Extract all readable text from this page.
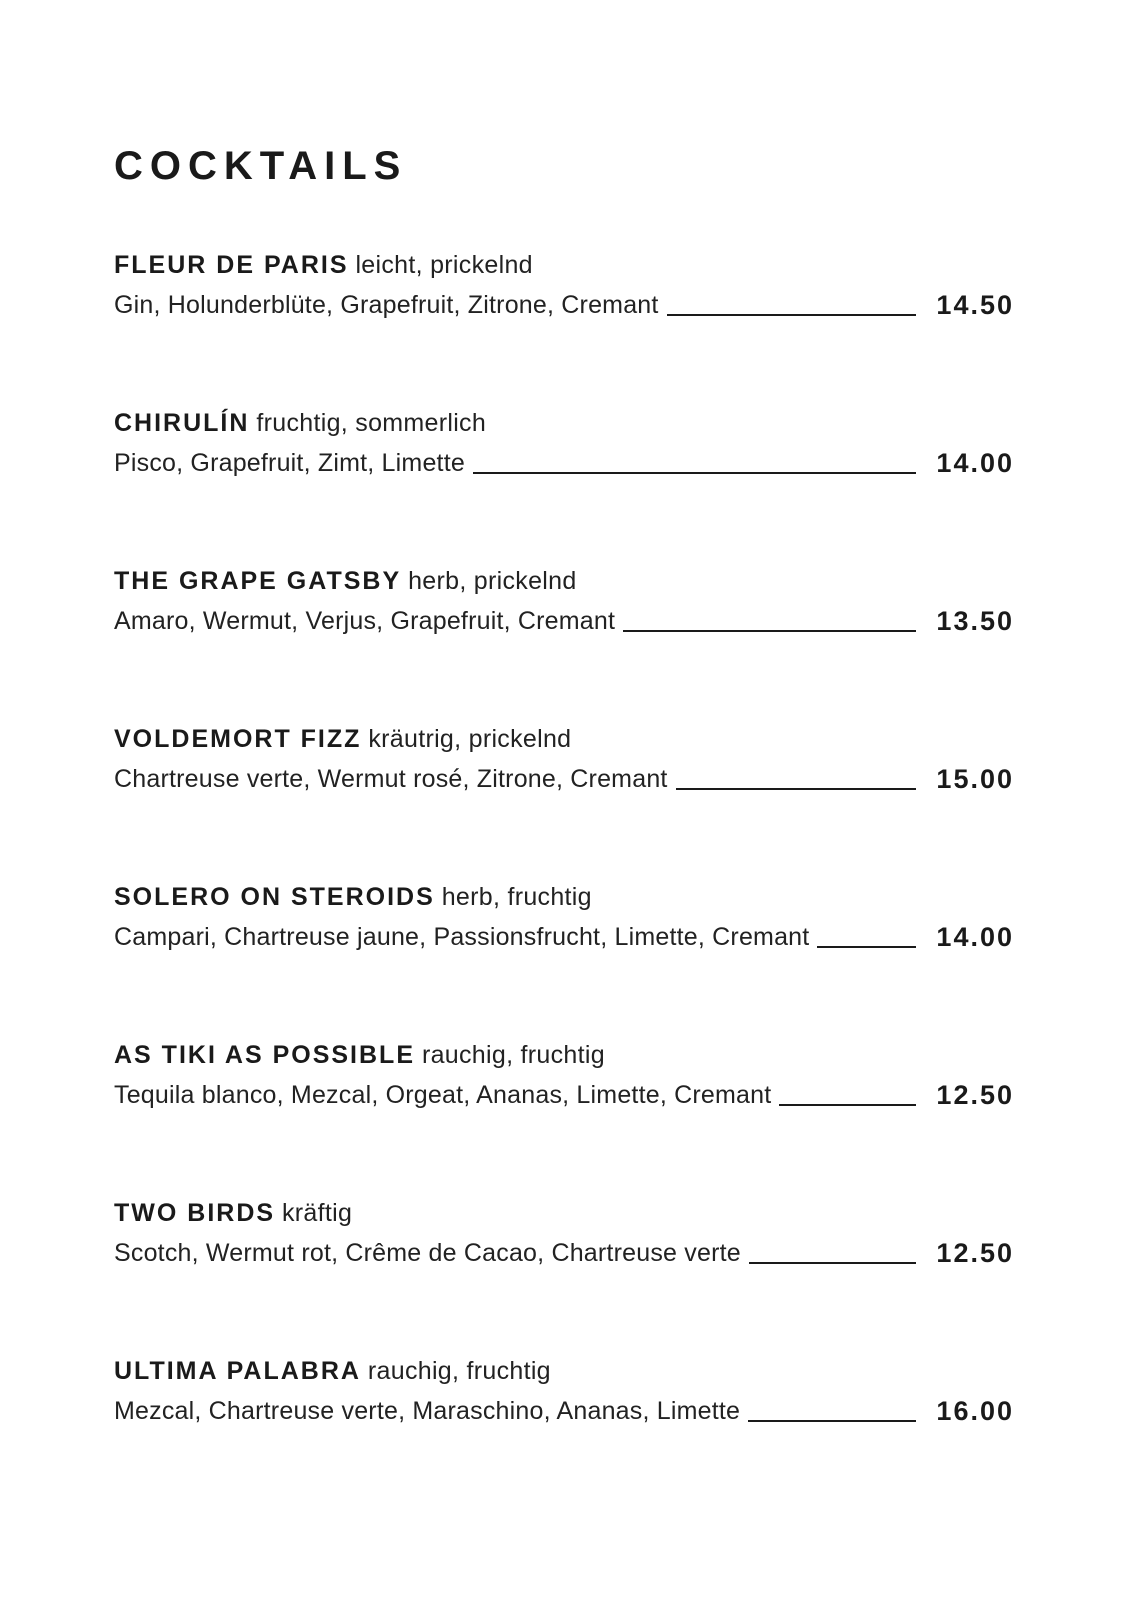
COCKTAILS
FLEUR DE PARIS leicht, prickelnd
Gin, Holunderblüte, Grapefruit, Zitrone, Cremant	14.50
CHIRULÍN fruchtig, sommerlich
Pisco, Grapefruit, Zimt, Limette	14.00
THE GRAPE GATSBY herb, prickelnd
Amaro, Wermut, Verjus, Grapefruit, Cremant	13.50
VOLDEMORT FIZZ kräutrig, prickelnd
Chartreuse verte, Wermut rosé, Zitrone, Cremant	15.00
SOLERO ON STEROIDS herb, fruchtig
Campari, Chartreuse jaune, Passionsfrucht, Limette, Cremant	14.00
AS TIKI AS POSSIBLE rauchig, fruchtig
Tequila blanco, Mezcal, Orgeat, Ananas, Limette, Cremant	12.50
TWO BIRDS kräftig
Scotch, Wermut rot, Crême de Cacao, Chartreuse verte	12.50
ULTIMA PALABRA rauchig, fruchtig
Mezcal, Chartreuse verte, Maraschino, Ananas, Limette	16.00
